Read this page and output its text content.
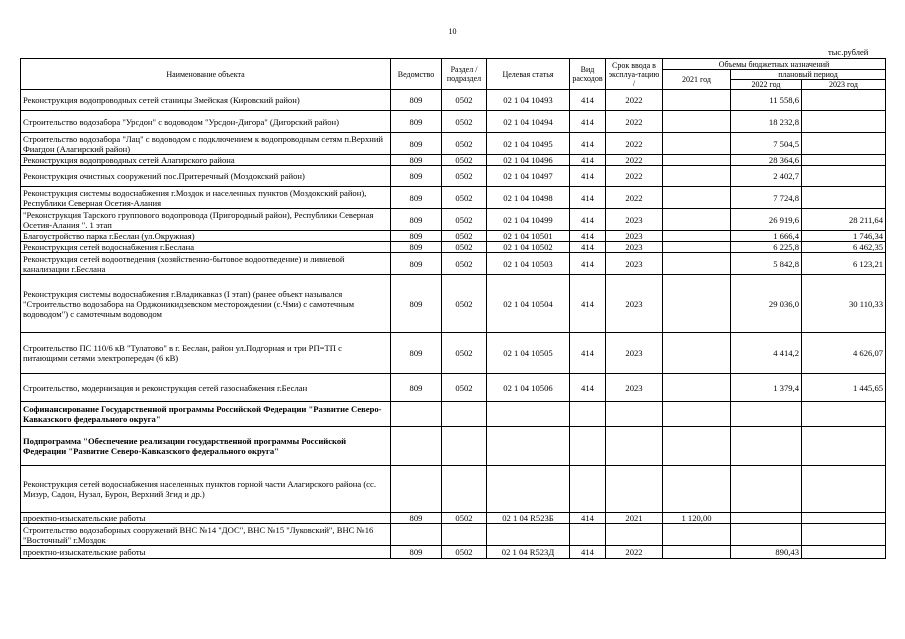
10
тыс.рублей
Наименование объекта	Ведомство	Раздел / подраздел	Целевая статья	Вид расходов	Срок ввода в эксплуа-тацию /	Объемы бюджетных назначений		
						2021 год	плановый период	
							2022 год	2023 год
Реконструкция водопроводных сетей станицы Змейская (Кировский район)	809	0502	02 1 04 10493	414	2022		11 558,6	
Строительство водозабора "Урсдон" с водоводом "Урсдон-Дигора" (Дигорский район)	809	0502	02 1 04 10494	414	2022		18 232,8	
Строительство водозабора "Лац" с водоводом с подключением к водопроводным сетям п.Верхний Фиагдон (Алагирский район)	809	0502	02 1 04 10495	414	2022		7 504,5	
Реконструкция водопроводных сетей Алагирского района	809	0502	02 1 04 10496	414	2022		28 364,6	
Реконструкция очистных сооружений пос.Притеречный (Моздокский район)	809	0502	02 1 04 10497	414	2022		2 402,7	
Реконструкция системы водоснабжения г.Моздок и населенных пунктов (Моздокский район), Республики Северная Осетия-Алания	809	0502	02 1 04 10498	414	2022		7 724,8	
"Реконструкция Тарского группового водопровода (Пригородный район), Республики Северная Осетия-Алания ". 1 этап	809	0502	02 1 04 10499	414	2023		26 919,6	28 211,64
Благоустройство парка г.Беслан (ул.Окружная)	809	0502	02 1 04 10501	414	2023		1 666,4	1 746,34
Реконструкция сетей водоснабжения г.Беслана	809	0502	02 1 04 10502	414	2023		6 225,8	6 462,35
Реконструкция сетей водоотведения (хозяйственно-бытовое водоотведение) и ливневой канализации г.Беслана	809	0502	02 1 04 10503	414	2023		5 842,8	6 123,21
Реконструкция системы водоснабжения г.Владикавказ (I этап) (ранее объект назывался "Строительство водозабора на Орджоникидзевском месторождении (с.Чми) с самотечным водоводом") с самотечным водоводом	809	0502	02 1 04 10504	414	2023		29 036,0	30 110,33
Строительство ПС 110/6 кВ "Тулатово" в г. Беслан, район ул.Подгорная и три РП=ТП с питающими сетями электропередач (6 кВ)	809	0502	02 1 04 10505	414	2023		4 414,2	4 626,07
Строительство, модернизация и реконструкция сетей газоснабжения г.Беслан	809	0502	02 1 04 10506	414	2023		1 379,4	1 445,65
Софинансирование Государственной программы Российской Федерации "Развитие Северо-Кавказского федерального округа"								
Подпрограмма "Обеспечение реализации государственной программы Российской Федерации "Развитие Северо-Кавказского федерального округа"								
Реконструкция сетей водоснабжения населенных пунктов горной части Алагирского района (сс. Мизур, Садон, Нузал, Бурон, Верхний Згид и др.)								
проектно-изыскательские работы	809	0502	02 1 04 R523Б	414	2021	1 120,00		
Строительство водозаборных сооружений ВНС №14 "ДОС", ВНС №15 "Луковский", ВНС №16 "Восточный" г.Моздок								
проектно-изыскательские работы	809	0502	02 1 04 R523Д	414	2022		890,43	
